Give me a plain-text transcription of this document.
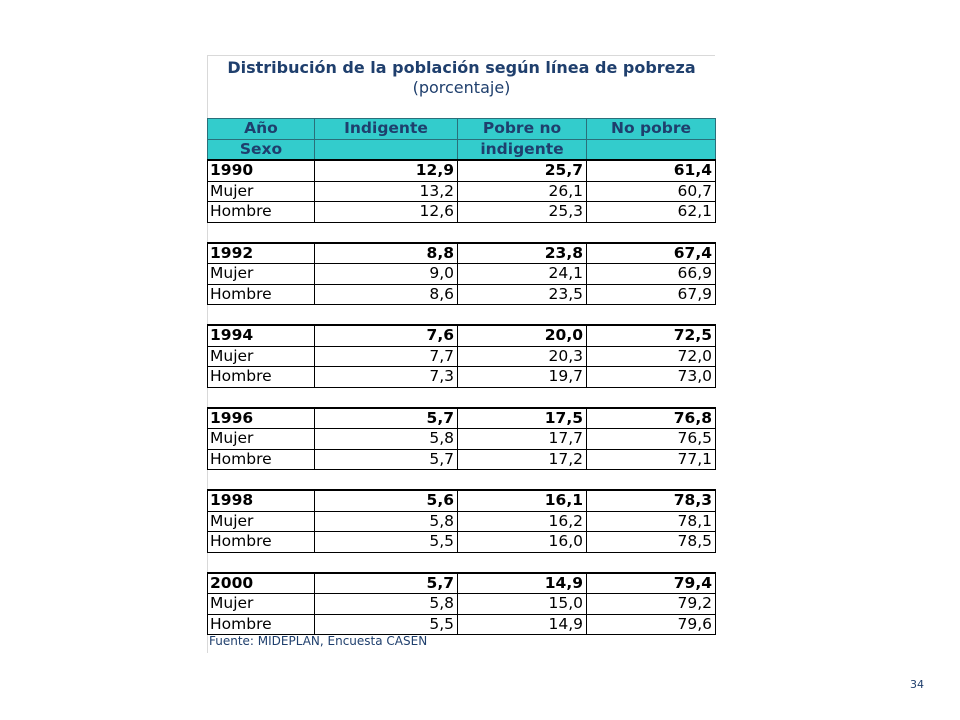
Distribución de la población según línea de pobreza
(porcentaje)
Año	Indigente	Pobre no	No pobre
Sexo		indigente	
1990	12,9	25,7	61,4
Mujer	13,2	26,1	60,7
Hombre	12,6	25,3	62,1

1992	8,8	23,8	67,4
Mujer	9,0	24,1	66,9
Hombre	8,6	23,5	67,9

1994	7,6	20,0	72,5
Mujer	7,7	20,3	72,0
Hombre	7,3	19,7	73,0

1996	5,7	17,5	76,8
Mujer	5,8	17,7	76,5
Hombre	5,7	17,2	77,1

1998	5,6	16,1	78,3
Mujer	5,8	16,2	78,1
Hombre	5,5	16,0	78,5

2000	5,7	14,9	79,4
Mujer	5,8	15,0	79,2
Hombre	5,5	14,9	79,6
Fuente: MIDEPLAN, Encuesta CASEN
34
